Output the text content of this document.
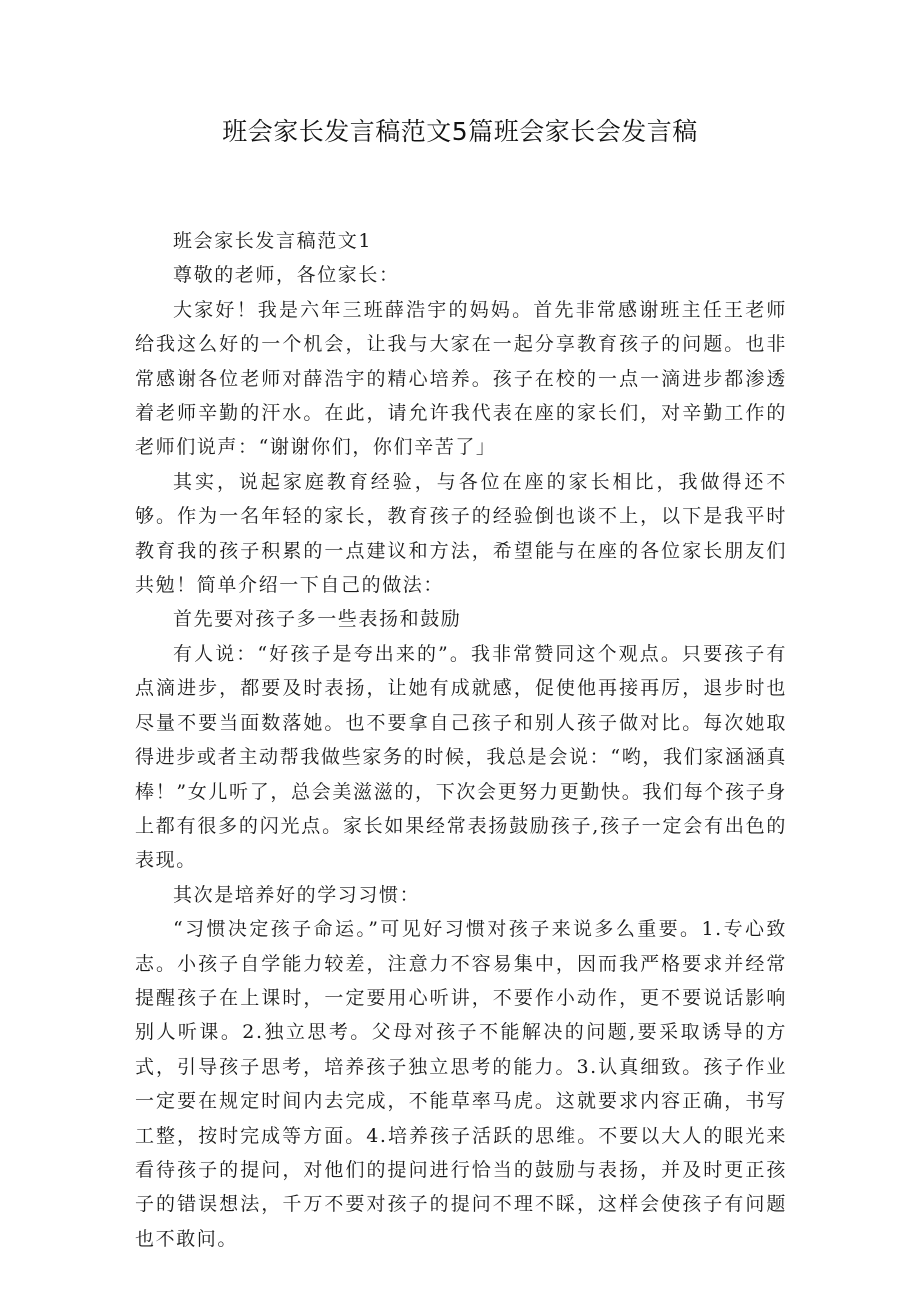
班会家长发言稿范文5篇班会家长会发言稿

班会家长发言稿范文1

尊敬的老师，各位家长：

大家好！我是六年三班薛浩宇的妈妈。首先非常感谢班主任王老师给我这么好的一个机会，让我与大家在一起分享教育孩子的问题。也非常感谢各位老师对薛浩宇的精心培养。孩子在校的一点一滴进步都渗透着老师辛勤的汗水。在此，请允许我代表在座的家长们，对辛勤工作的老师们说声：“谢谢你们，你们辛苦了」

其实，说起家庭教育经验，与各位在座的家长相比，我做得还不够。作为一名年轻的家长，教育孩子的经验倒也谈不上，以下是我平时教育我的孩子积累的一点建议和方法，希望能与在座的各位家长朋友们共勉！简单介绍一下自己的做法：

首先要对孩子多一些表扬和鼓励

有人说：“好孩子是夸出来的”。我非常赞同这个观点。只要孩子有点滴进步，都要及时表扬，让她有成就感，促使他再接再厉，退步时也尽量不要当面数落她。也不要拿自己孩子和别人孩子做对比。每次她取得进步或者主动帮我做些家务的时候，我总是会说：“哟，我们家涵涵真棒！”女儿听了，总会美滋滋的，下次会更努力更勤快。我们每个孩子身上都有很多的闪光点。家长如果经常表扬鼓励孩子,孩子一定会有出色的表现。

其次是培养好的学习习惯：

“习惯决定孩子命运。”可见好习惯对孩子来说多么重要。1.专心致志。小孩子自学能力较差，注意力不容易集中，因而我严格要求并经常提醒孩子在上课时，一定要用心听讲，不要作小动作，更不要说话影响别人听课。2.独立思考。父母对孩子不能解决的问题,要采取诱导的方式，引导孩子思考，培养孩子独立思考的能力。3.认真细致。孩子作业一定要在规定时间内去完成，不能草率马虎。这就要求内容正确，书写工整，按时完成等方面。4.培养孩子活跃的思维。不要以大人的眼光来看待孩子的提问，对他们的提问进行恰当的鼓励与表扬，并及时更正孩子的错误想法，千万不要对孩子的提问不理不睬，这样会使孩子有问题也不敢问。
